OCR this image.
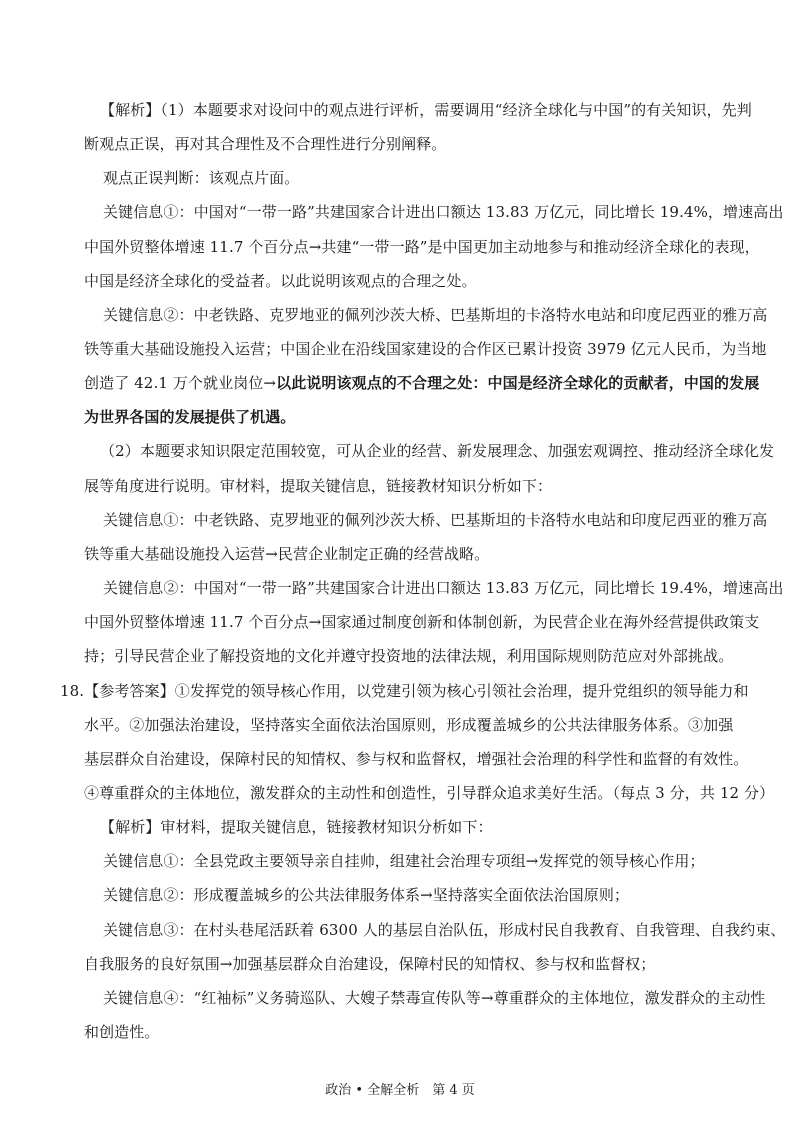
【解析】（1）本题要求对设问中的观点进行评析，需要调用“经济全球化与中国”的有关知识，先判
断观点正误，再对其合理性及不合理性进行分别阐释。
观点正误判断：该观点片面。
关键信息①：中国对“一带一路”共建国家合计进出口额达 13.83 万亿元，同比增长 19.4%，增速高出
中国外贸整体增速 11.7 个百分点→共建“一带一路”是中国更加主动地参与和推动经济全球化的表现，
中国是经济全球化的受益者。以此说明该观点的合理之处。
关键信息②：中老铁路、克罗地亚的佩列沙茨大桥、巴基斯坦的卡洛特水电站和印度尼西亚的雅万高
铁等重大基础设施投入运营；中国企业在沿线国家建设的合作区已累计投资 3979 亿元人民币，为当地
创造了 42.1 万个就业岗位→以此说明该观点的不合理之处：中国是经济全球化的贡献者，中国的发展
为世界各国的发展提供了机遇。
（2）本题要求知识限定范围较宽，可从企业的经营、新发展理念、加强宏观调控、推动经济全球化发
展等角度进行说明。审材料，提取关键信息，链接教材知识分析如下：
关键信息①：中老铁路、克罗地亚的佩列沙茨大桥、巴基斯坦的卡洛特水电站和印度尼西亚的雅万高
铁等重大基础设施投入运营→民营企业制定正确的经营战略。
关键信息②：中国对“一带一路”共建国家合计进出口额达 13.83 万亿元，同比增长 19.4%，增速高出
中国外贸整体增速 11.7 个百分点→国家通过制度创新和体制创新，为民营企业在海外经营提供政策支
持；引导民营企业了解投资地的文化并遵守投资地的法律法规，利用国际规则防范应对外部挑战。
18.【参考答案】①发挥党的领导核心作用，以党建引领为核心引领社会治理，提升党组织的领导能力和
水平。②加强法治建设，坚持落实全面依法治国原则，形成覆盖城乡的公共法律服务体系。③加强
基层群众自治建设，保障村民的知情权、参与权和监督权，增强社会治理的科学性和监督的有效性。
④尊重群众的主体地位，激发群众的主动性和创造性，引导群众追求美好生活。（每点 3 分，共 12 分）
【解析】审材料，提取关键信息，链接教材知识分析如下：
关键信息①：全县党政主要领导亲自挂帅，组建社会治理专项组→发挥党的领导核心作用；
关键信息②：形成覆盖城乡的公共法律服务体系→坚持落实全面依法治国原则；
关键信息③：在村头巷尾活跃着 6300 人的基层自治队伍，形成村民自我教育、自我管理、自我约束、
自我服务的良好氛围→加强基层群众自治建设，保障村民的知情权、参与权和监督权；
关键信息④：“红袖标”义务骑巡队、大嫂子禁毒宣传队等→尊重群众的主体地位，激发群众的主动性
和创造性。
政治 • 全解全析　第 4 页
